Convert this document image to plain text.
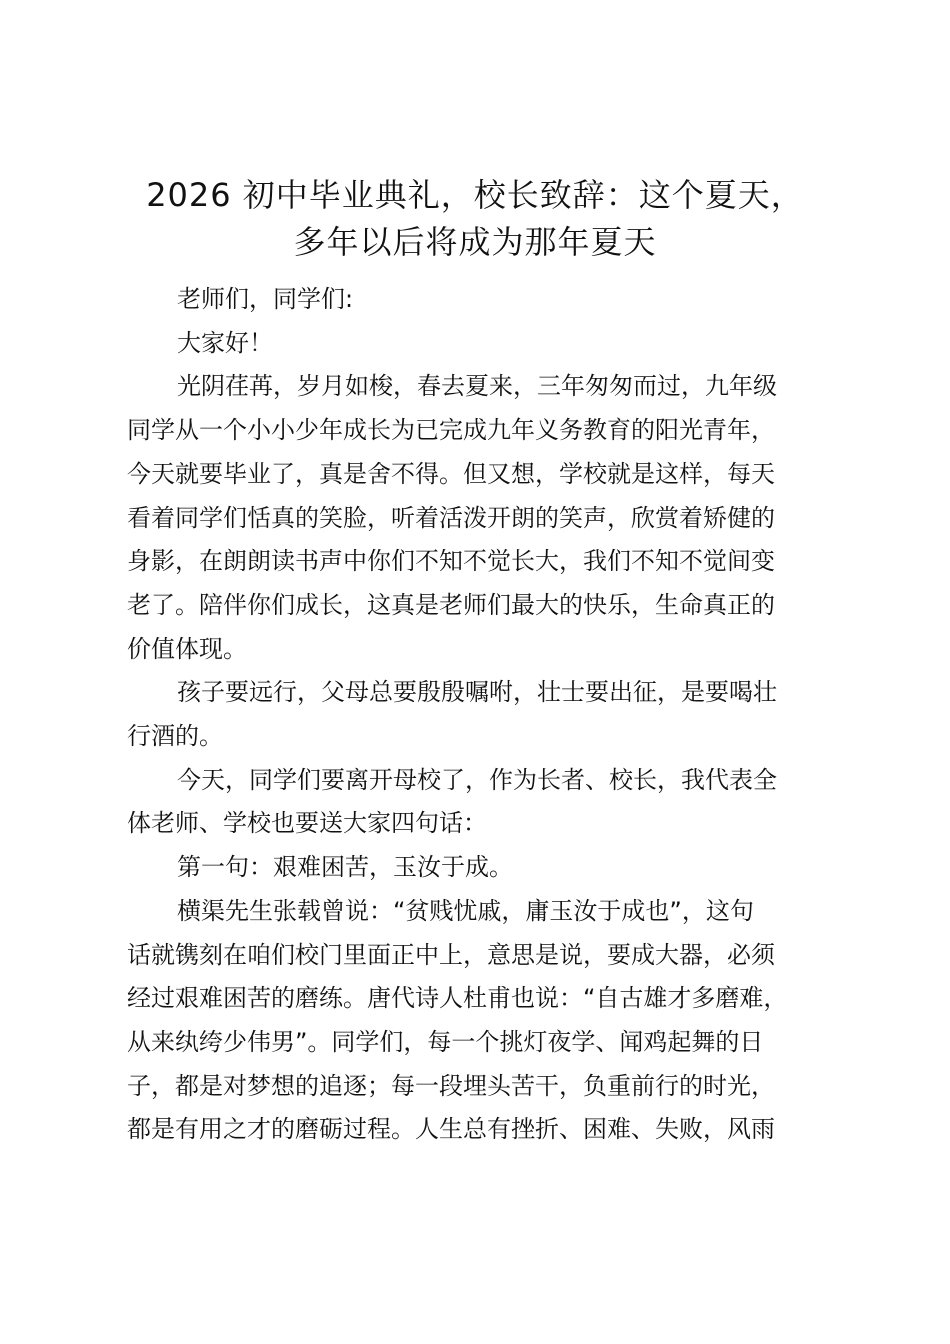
2026 初中毕业典礼，校长致辞：这个夏天，
多年以后将成为那年夏天

老师们，同学们:

大家好！

光阴荏苒，岁月如梭，春去夏来，三年匆匆而过，九年级
同学从一个小小少年成长为已完成九年义务教育的阳光青年，
今天就要毕业了，真是舍不得。但又想，学校就是这样，每天
看着同学们恬真的笑脸，听着活泼开朗的笑声，欣赏着矫健的
身影，在朗朗读书声中你们不知不觉长大，我们不知不觉间变
老了。陪伴你们成长，这真是老师们最大的快乐，生命真正的
价值体现。

孩子要远行，父母总要殷殷嘱咐，壮士要出征，是要喝壮
行酒的。

今天，同学们要离开母校了，作为长者、校长，我代表全
体老师、学校也要送大家四句话：

第一句：艰难困苦，玉汝于成。

横渠先生张载曾说：“贫贱忧戚，庸玉汝于成也”，这句
话就镌刻在咱们校门里面正中上，意思是说，要成大器，必须
经过艰难困苦的磨练。唐代诗人杜甫也说：“自古雄才多磨难，
从来纨绔少伟男”。同学们，每一个挑灯夜学、闻鸡起舞的日
子，都是对梦想的追逐；每一段埋头苦干，负重前行的时光，
都是有用之才的磨砺过程。人生总有挫折、困难、失败，风雨
